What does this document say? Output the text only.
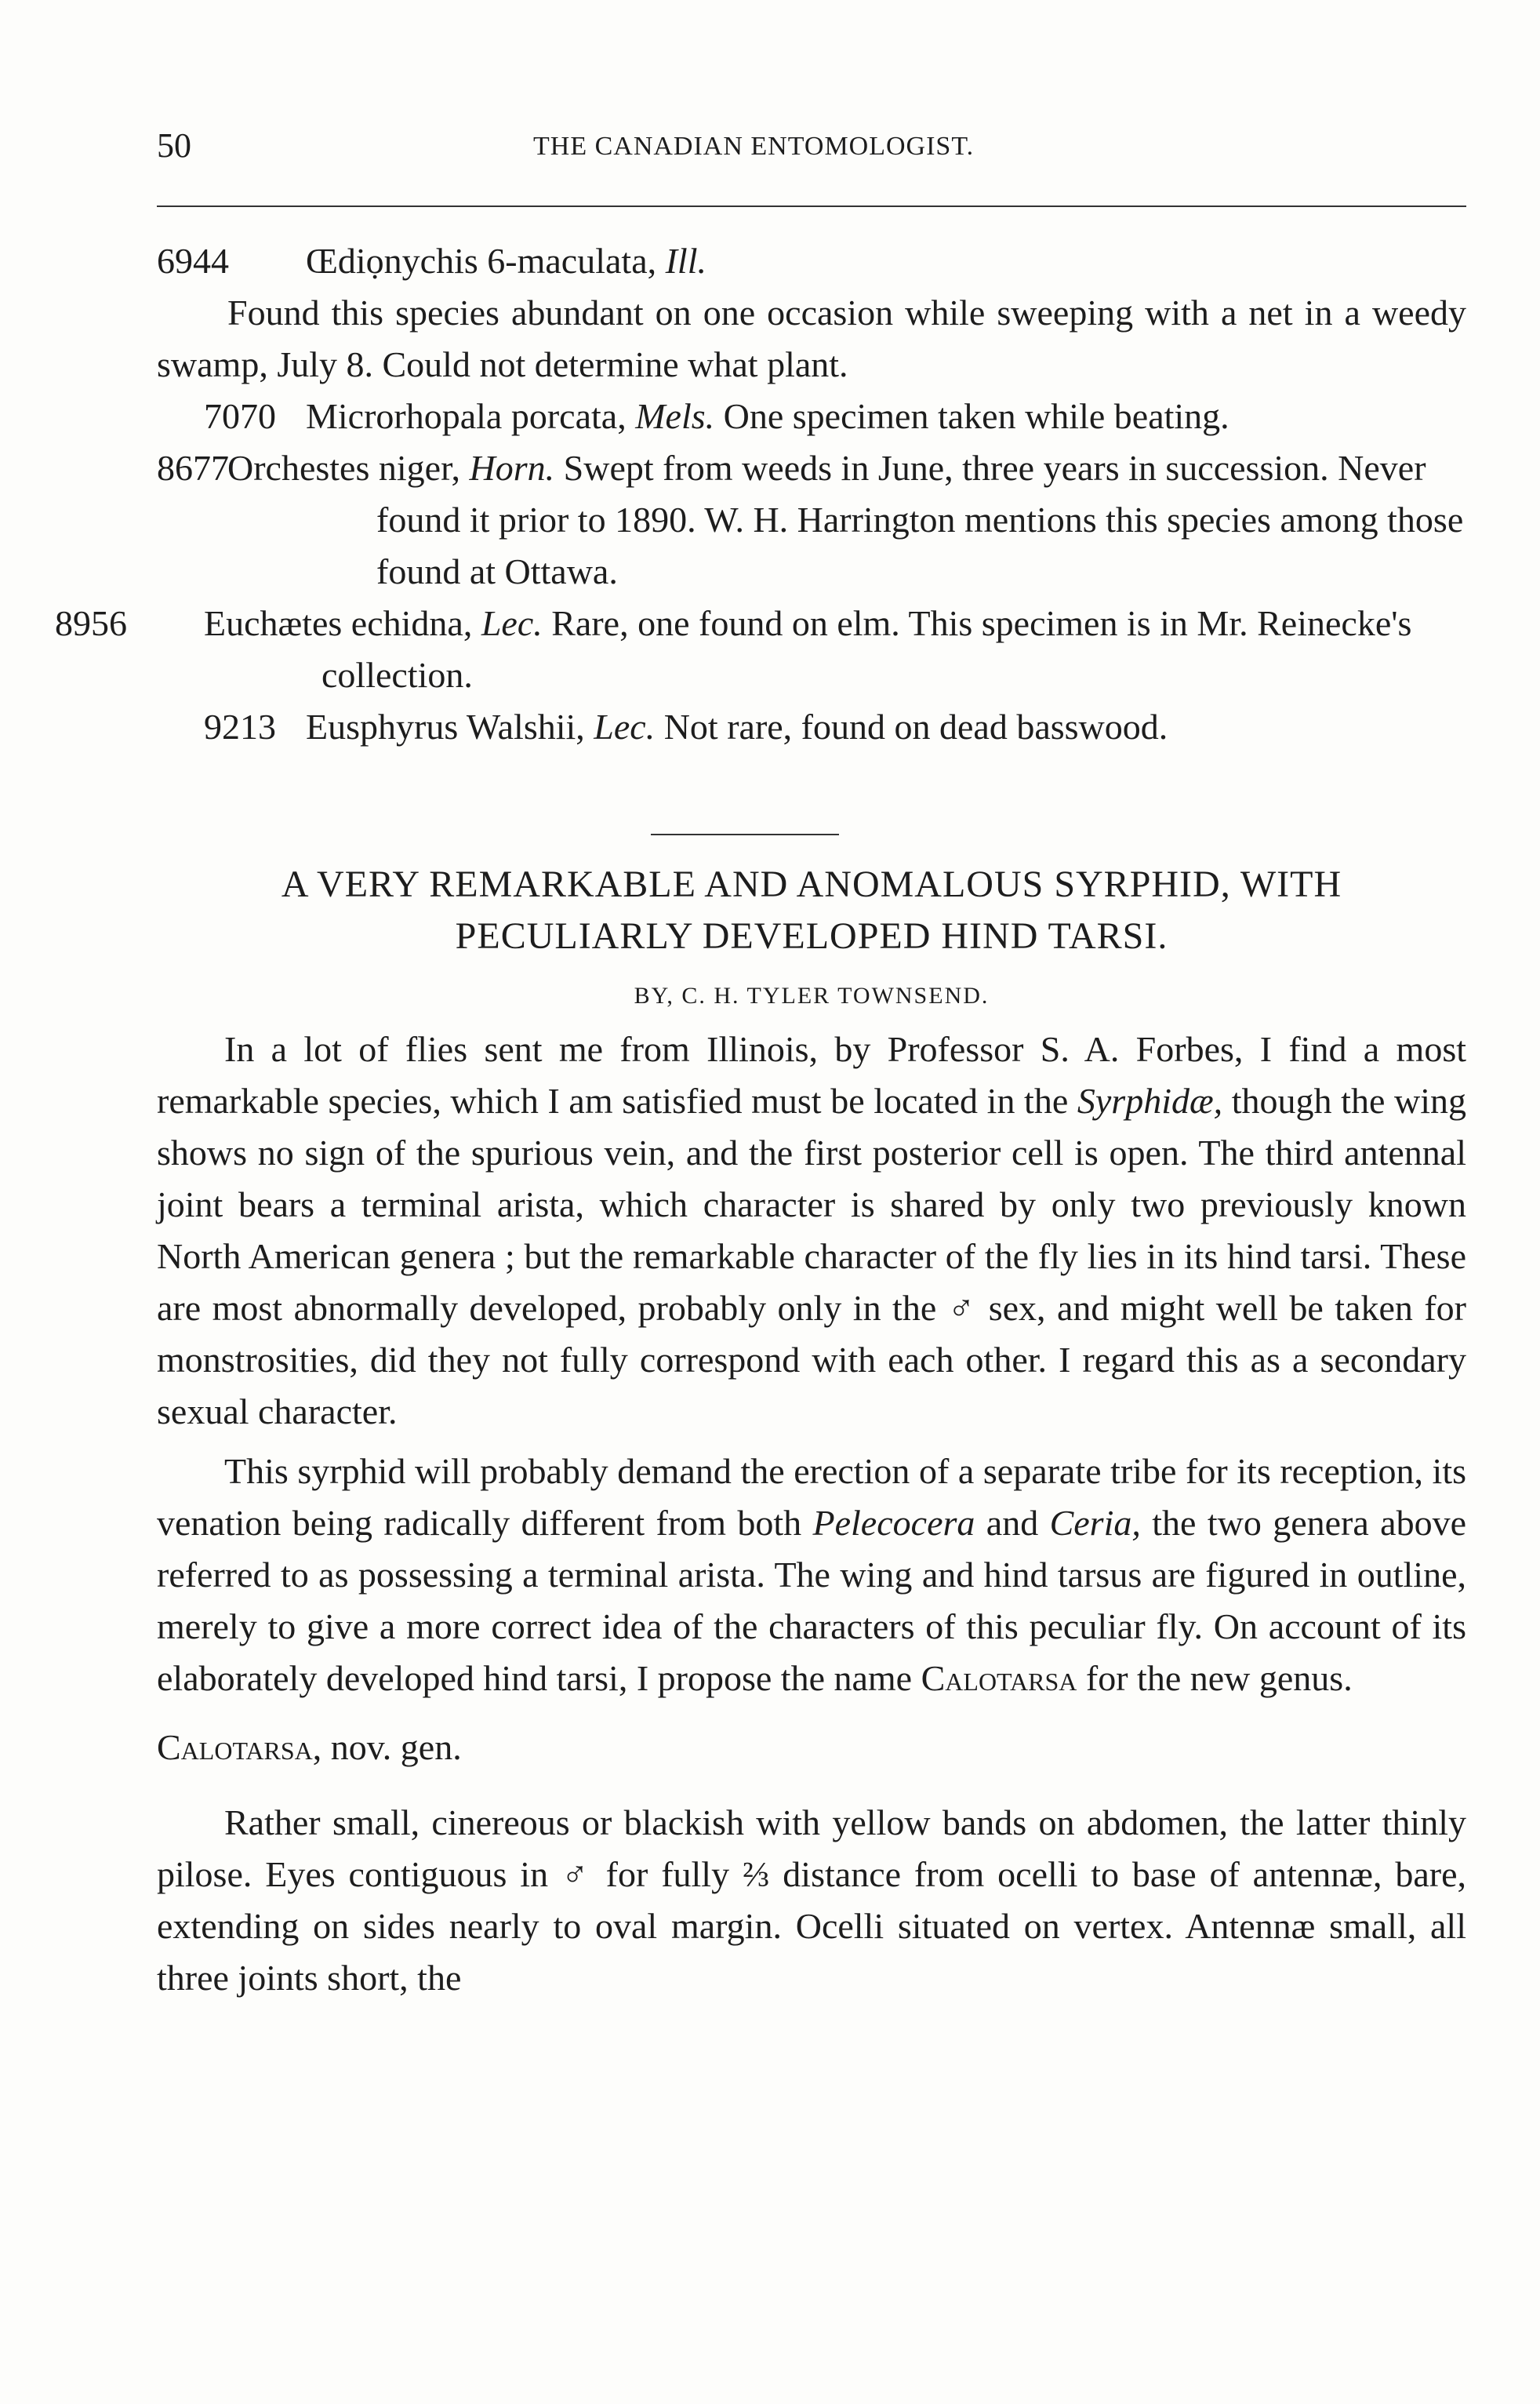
50	THE CANADIAN ENTOMOLOGIST.

6944 Œdiọnychis 6-maculata, Ill.

Found this species abundant on one occasion while sweeping with a net in a weedy swamp, July 8. Could not determine what plant.

7070 Microrhopala porcata, Mels. One specimen taken while beating.

8677Orchestes niger, Horn. Swept from weeds in June, three years in succession. Never found it prior to 1890. W. H. Harrington mentions this species among those found at Ottawa.

8956 Euchætes echidna, Lec. Rare, one found on elm. This specimen is in Mr. Reinecke's collection.

9213 Eusphyrus Walshii, Lec. Not rare, found on dead basswood.

A VERY REMARKABLE AND ANOMALOUS SYRPHID, WITH
PECULIARLY DEVELOPED HIND TARSI.
BY, C. H. TYLER TOWNSEND.

In a lot of flies sent me from Illinois, by Professor S. A. Forbes, I find a most remarkable species, which I am satisfied must be located in the Syrphidæ, though the wing shows no sign of the spurious vein, and the first posterior cell is open. The third antennal joint bears a terminal arista, which character is shared by only two previously known North American genera ; but the remarkable character of the fly lies in its hind tarsi. These are most abnormally developed, probably only in the ♂ sex, and might well be taken for monstrosities, did they not fully correspond with each other. I regard this as a secondary sexual character.

This syrphid will probably demand the erection of a separate tribe for its reception, its venation being radically different from both Pelecocera and Ceria, the two genera above referred to as possessing a terminal arista. The wing and hind tarsus are figured in outline, merely to give a more correct idea of the characters of this peculiar fly. On account of its elaborately developed hind tarsi, I propose the name Calotarsa for the new genus.

Calotarsa, nov. gen.

Rather small, cinereous or blackish with yellow bands on abdomen, the latter thinly pilose. Eyes contiguous in ♂ for fully ⅔ distance from ocelli to base of antennæ, bare, extending on sides nearly to oval margin. Ocelli situated on vertex. Antennæ small, all three joints short, the
